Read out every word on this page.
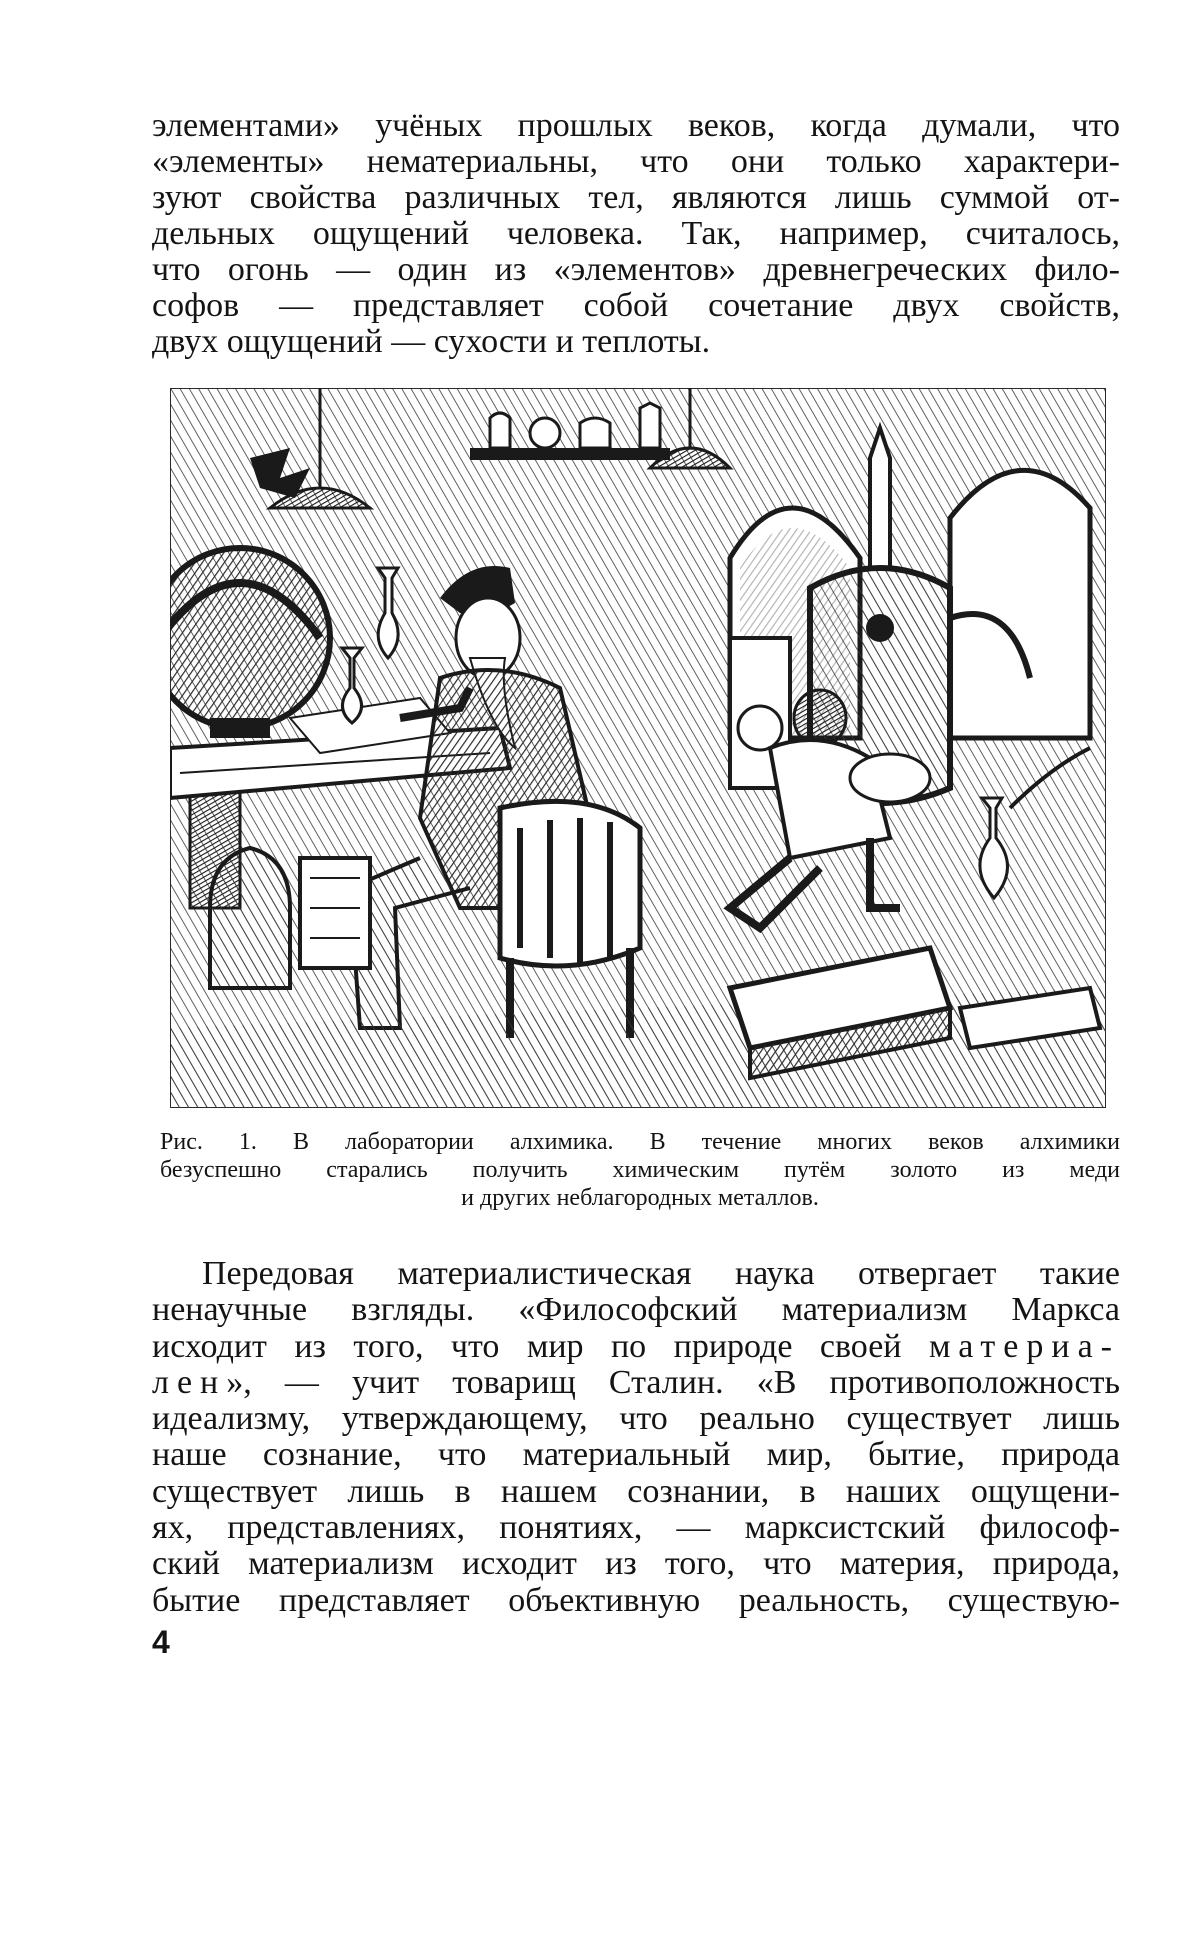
элементами» учёных прошлых веков, когда думали, что
«элементы» нематериальны, что они только характери-
зуют свойства различных тел, являются лишь суммой от-
дельных ощущений человека. Так, например, считалось,
что огонь — один из «элементов» древнегреческих фило-
софов — представляет собой сочетание двух свойств,
двух ощущений — сухости и теплоты.
Рис. 1. В лаборатории алхимика. В течение многих веков алхимики
безуспешно старались получить химическим путём золото из меди
и других неблагородных металлов.
Передовая материалистическая наука отвергает такие
ненаучные взгляды. «Философский материализм Маркса
исходит из того, что мир по природе своей материа-
лен», — учит товарищ Сталин. «В противоположность
идеализму, утверждающему, что реально существует лишь
наше сознание, что материальный мир, бытие, природа
существует лишь в нашем сознании, в наших ощущени-
ях, представлениях, понятиях, — марксистский философ-
ский материализм исходит из того, что материя, природа,
бытие представляет объективную реальность, существую-
4
